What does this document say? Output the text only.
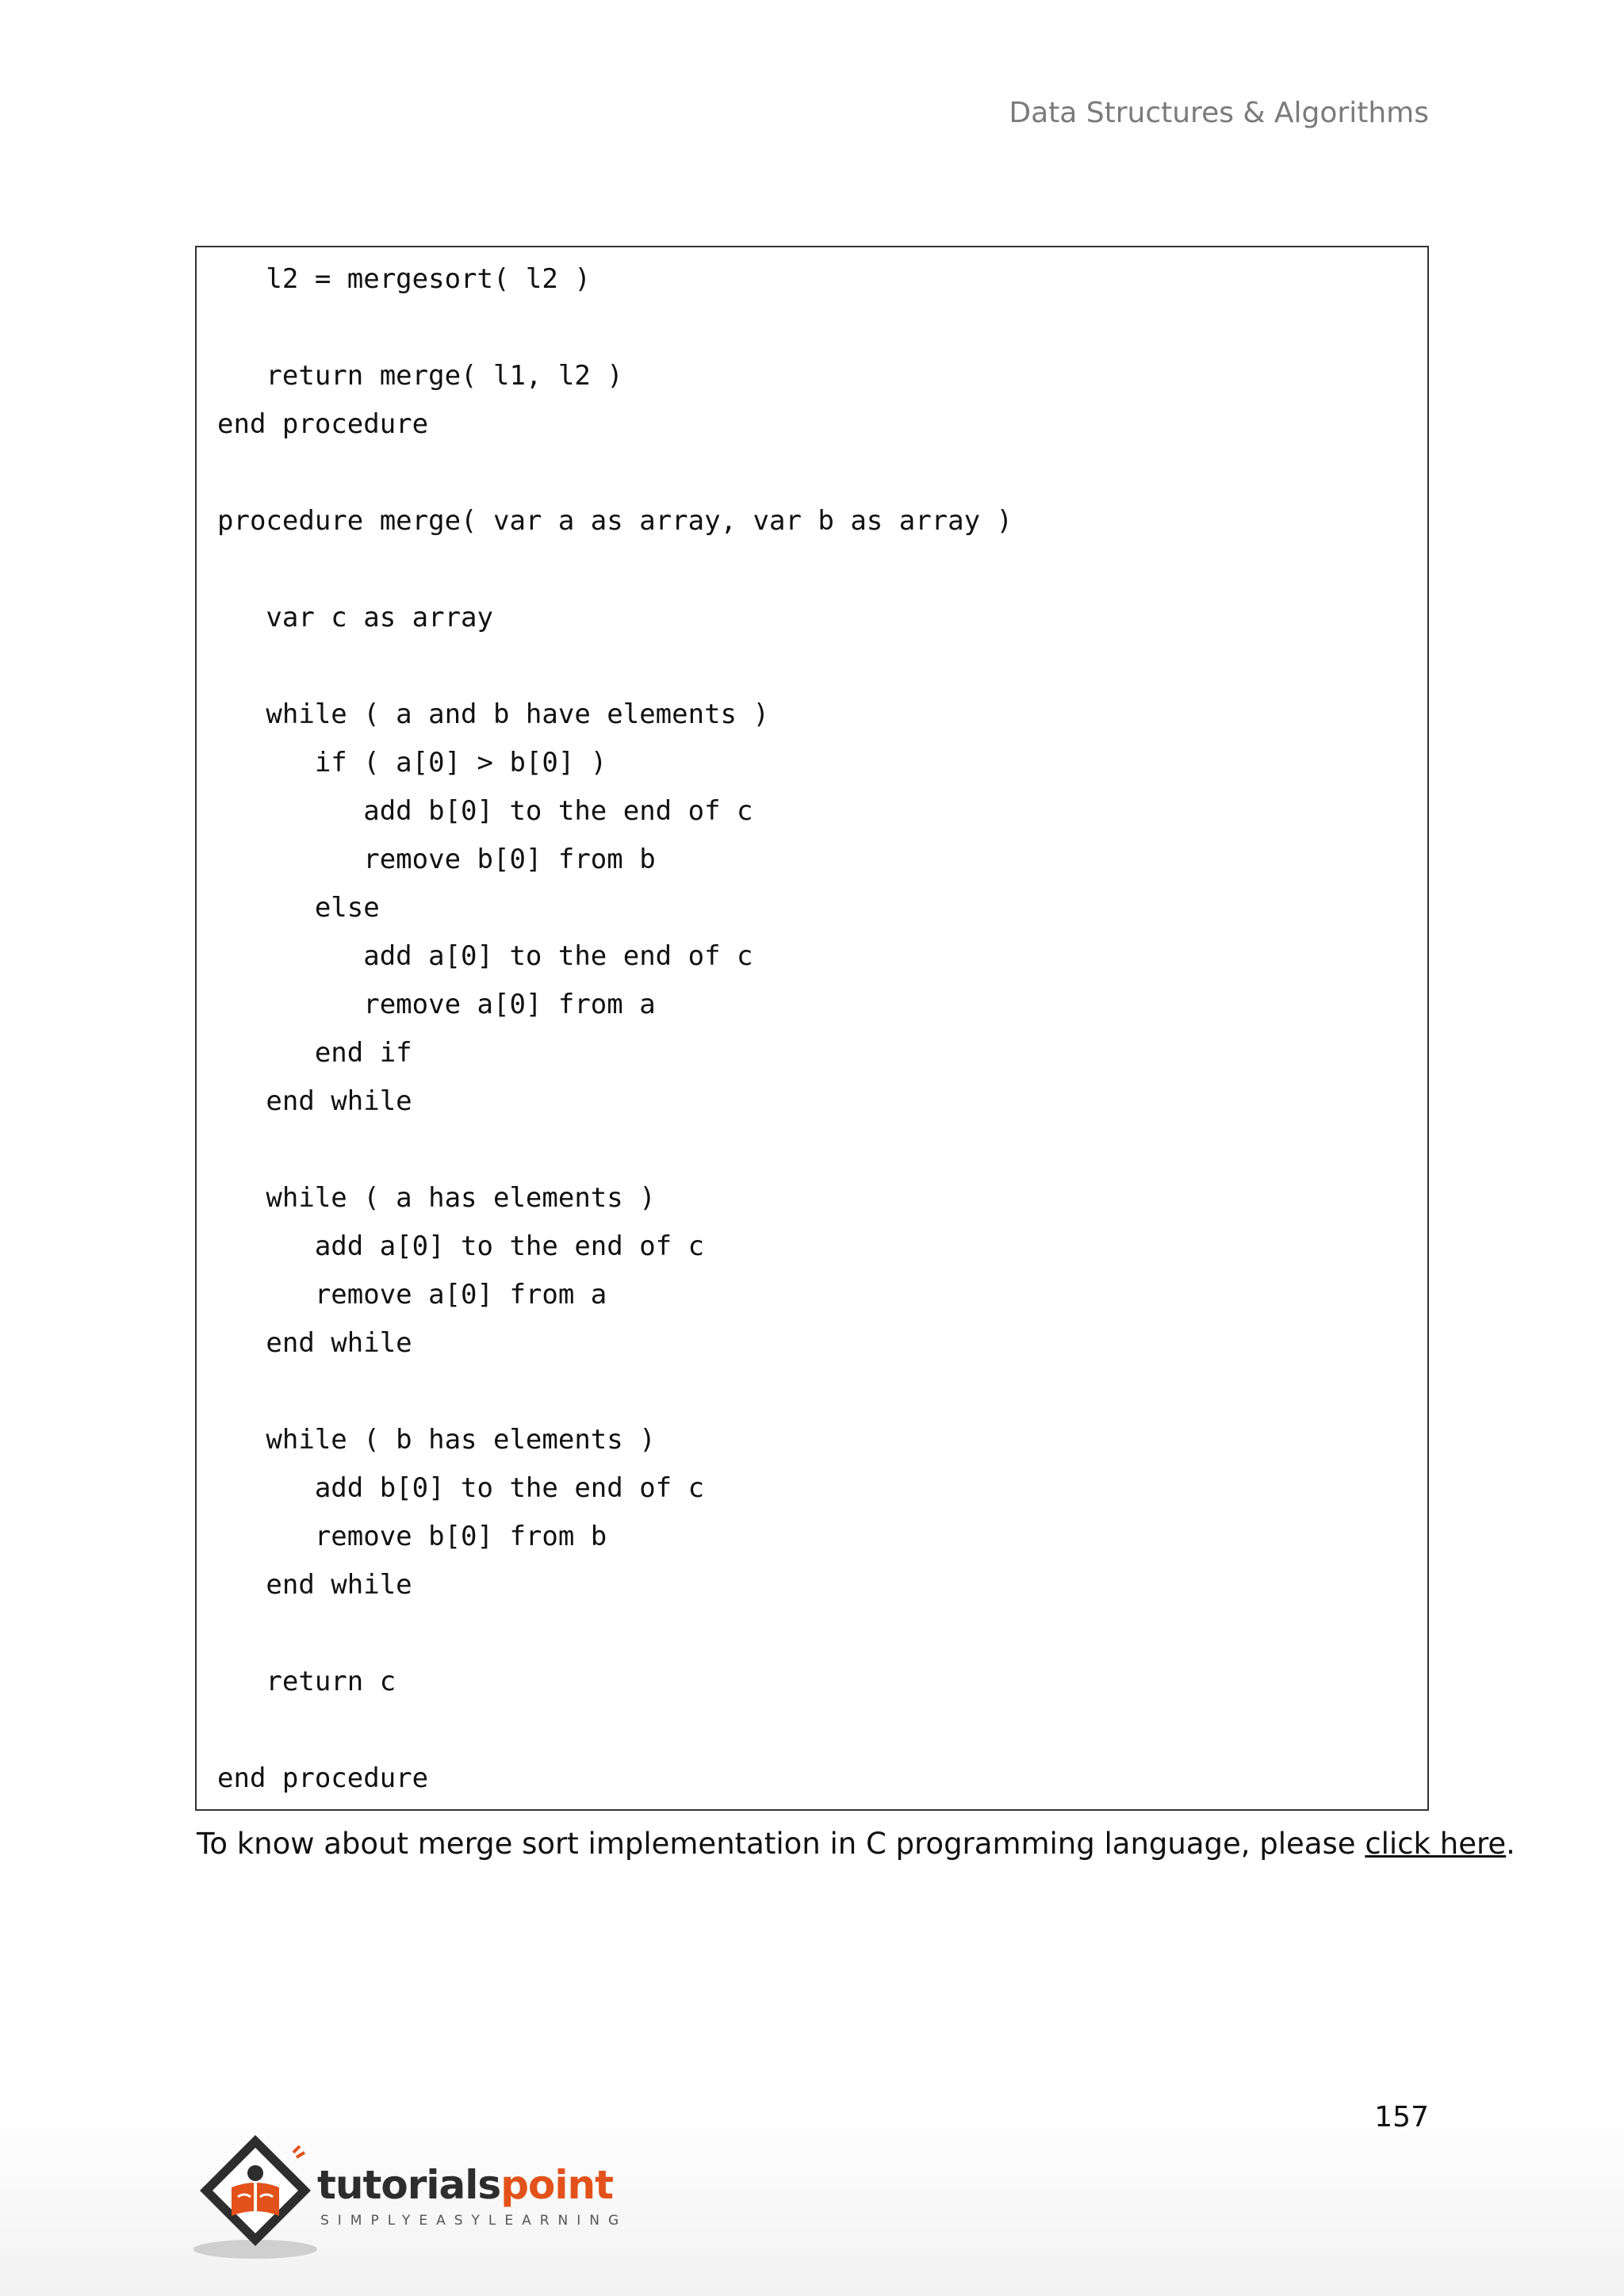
Data Structures & Algorithms
l2 = mergesort( l2 )
return merge( l1, l2 )
end procedure
procedure merge( var a as array, var b as array )
var c as array
while ( a and b have elements )
if ( a[0] > b[0] )
add b[0] to the end of c
remove b[0] from b
else
add a[0] to the end of c
remove a[0] from a
end if
end while
while ( a has elements )
add a[0] to the end of c
remove a[0] from a
end while
while ( b has elements )
add b[0] to the end of c
remove b[0] from b
end while
return c
end procedure
To know about merge sort implementation in C programming language, please click here.
157
tutorialspoint
SIMPLYEASYLEARNING
